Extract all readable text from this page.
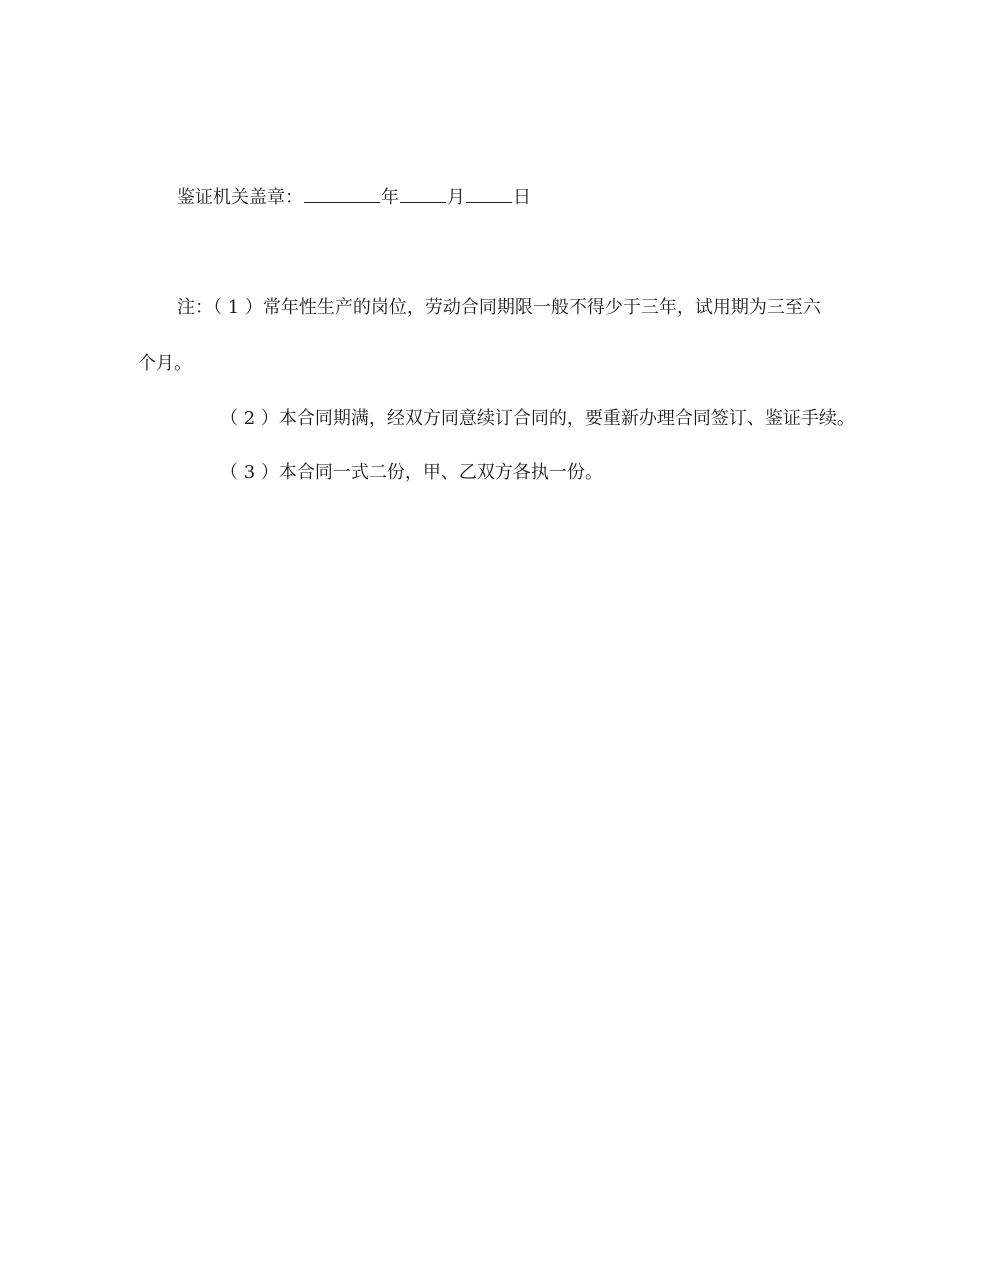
鉴证机关盖章：	年	月	日
注：（ 1 ）常年性生产的岗位，劳动合同期限一般不得少于三年，试用期为三至六
个月。
（ 2 ）本合同期满，经双方同意续订合同的，要重新办理合同签订、鉴证手续。
（ 3 ）本合同一式二份，甲、乙双方各执一份。
